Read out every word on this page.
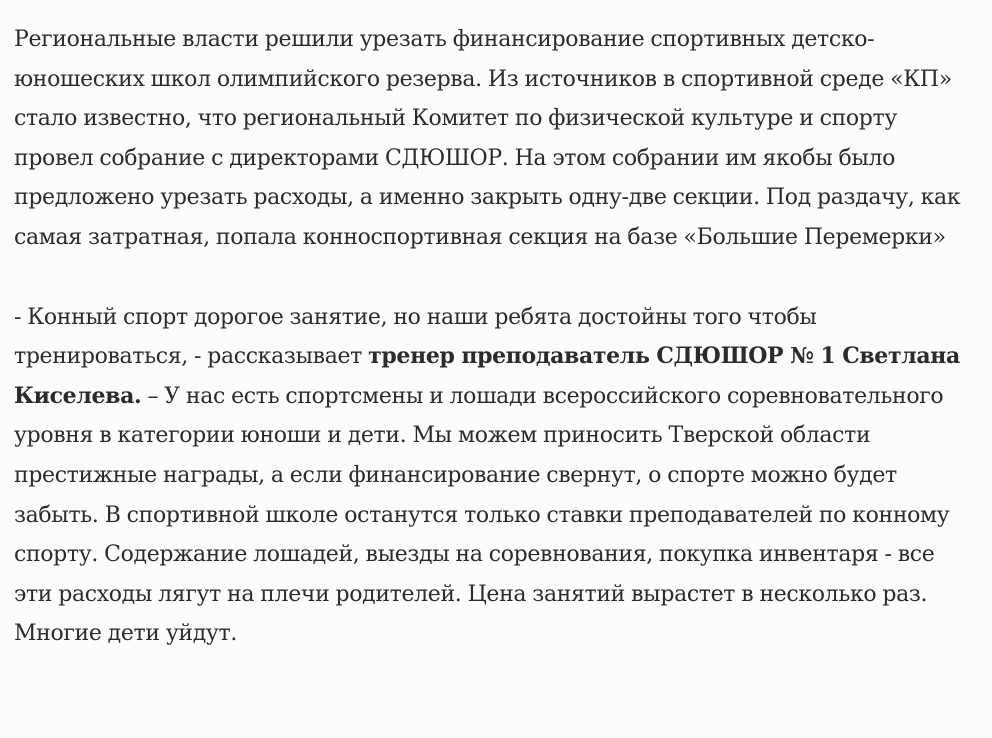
Региональные власти решили урезать финансирование спортивных детско-юношеских школ олимпийского резерва. Из источников в спортивной среде «КП» стало известно, что региональный Комитет по физической культуре и спорту провел собрание с директорами СДЮШОР. На этом собрании им якобы было предложено урезать расходы, а именно закрыть одну-две секции. Под раздачу, как самая затратная, попала конноспортивная секция на базе «Большие Перемерки»

- Конный спорт дорогое занятие, но наши ребята достойны того чтобы тренироваться, - рассказывает тренер преподаватель СДЮШОР № 1 Светлана Киселева. – У нас есть спортсмены и лошади всероссийского соревновательного уровня в категории юноши и дети. Мы можем приносить Тверской области престижные награды, а если финансирование свернут, о спорте можно будет забыть. В спортивной школе останутся только ставки преподавателей по конному спорту. Содержание лошадей, выезды на соревнования, покупка инвентаря - все эти расходы лягут на плечи родителей. Цена занятий вырастет в несколько раз. Многие дети уйдут.
